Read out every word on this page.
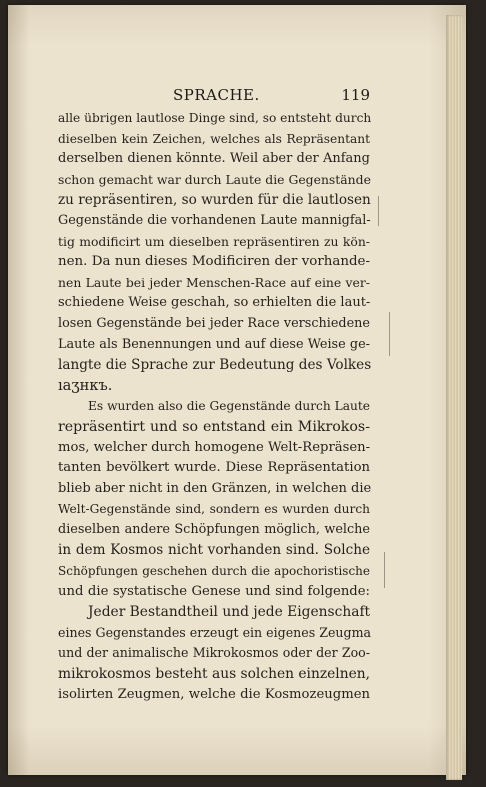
SPRACHE.	119
alle übrigen lautlose Dinge sind, so entsteht durch
dieselben kein Zeichen, welches als Repräsentant
derselben dienen könnte. Weil aber der Anfang
schon gemacht war durch Laute die Gegenstände
zu repräsentiren, so wurden für die lautlosen
Gegenstände die vorhandenen Laute mannigfal-
tig modificirt um dieselben repräsentiren zu kön-
nen. Da nun dieses Modificiren der vorhande-
nen Laute bei jeder Menschen-Race auf eine ver-
schiedene Weise geschah, so erhielten die laut-
losen Gegenstände bei jeder Race verschiedene
Laute als Benennungen und auf diese Weise ge-
langte die Sprache zur Bedeutung des Volkes
ıaʒнкъ.
Es wurden also die Gegenstände durch Laute
repräsentirt und so entstand ein Mikrokos-
mos, welcher durch homogene Welt-Repräsen-
tanten bevölkert wurde. Diese Repräsentation
blieb aber nicht in den Gränzen, in welchen die
Welt-Gegenstände sind, sondern es wurden durch
dieselben andere Schöpfungen möglich, welche
in dem Kosmos nicht vorhanden sind. Solche
Schöpfungen geschehen durch die apochoristische
und die systatische Genese und sind folgende:
Jeder Bestandtheil und jede Eigenschaft
eines Gegenstandes erzeugt ein eigenes Zeugma
und der animalische Mikrokosmos oder der Zoo-
mikrokosmos besteht aus solchen einzelnen,
isolirten Zeugmen, welche die Kosmozeugmen
